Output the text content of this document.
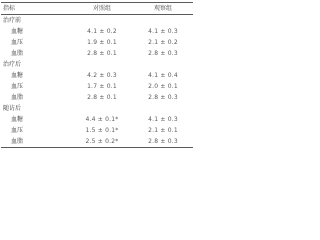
指标	对照组	观察组
治疗前		
血糖	4.1 ± 0.2	4.1 ± 0.3
血压	1.9 ± 0.1	2.1 ± 0.2
血脂	2.8 ± 0.1	2.8 ± 0.3
治疗后		
血糖	4.2 ± 0.3	4.1 ± 0.4
血压	1.7 ± 0.1	2.0 ± 0.1
血脂	2.8 ± 0.1	2.8 ± 0.3
随访后		
血糖	4.4 ± 0.1*	4.1 ± 0.3
血压	1.5 ± 0.1*	2.1 ± 0.1
血脂	2.5 ± 0.2*	2.8 ± 0.3
